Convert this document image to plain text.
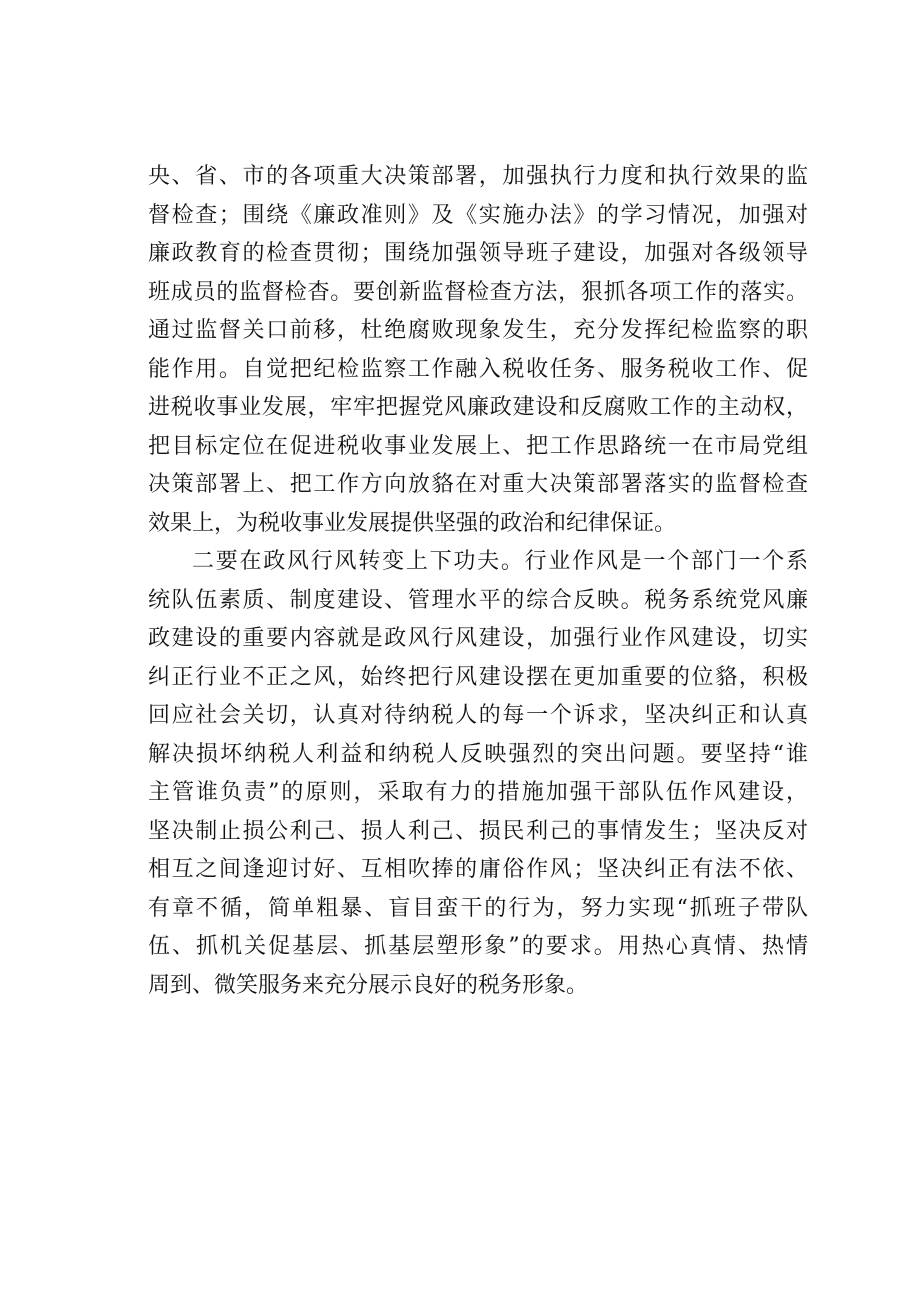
央、省、市的各项重大决策部署，加强执行力度和执行效果的监
督检查；围绕《廉政准则》及《实施办法》的学习情况，加强对
廉政教育的检查贯彻；围绕加强领导班子建设，加强对各级领导
班成员的监督检杳。要创新监督检查方法，狠抓各项工作的落实。
通过监督关口前移，杜绝腐败现象发生，充分发挥纪检监察的职
能作用。自觉把纪检监察工作融入税收任务、服务税收工作、促
进税收事业发展，牢牢把握党风廉政建设和反腐败工作的主动权，
把目标定位在促进税收事业发展上、把工作思路统一在市局党组
决策部署上、把工作方向放貉在对重大决策部署落实的监督检查
效果上，为税收事业发展提供坚强的政治和纪律保证。
二要在政风行风转变上下功夫。行业作风是一个部门一个系
统队伍素质、制度建设、管理水平的综合反映。税务系统党风廉
政建设的重要内容就是政风行风建设，加强行业作风建设，切实
纠正行业不正之风，始终把行风建设摆在更加重要的位貉，积极
回应社会关切，认真对待纳税人的每一个诉求，坚决纠正和认真
解决损坏纳税人利益和纳税人反映强烈的突出问题。要坚持“谁
主管谁负责”的原则，采取有力的措施加强干部队伍作风建设，
坚决制止损公利己、损人利己、损民利己的事情发生；坚决反对
相互之间逢迎讨好、互相吹捧的庸俗作风；坚决纠正有法不依、
有章不循，简单粗暴、盲目蛮干的行为，努力实现“抓班子带队
伍、抓机关促基层、抓基层塑形象”的要求。用热心真情、热情
周到、微笑服务来充分展示良好的税务形象。
